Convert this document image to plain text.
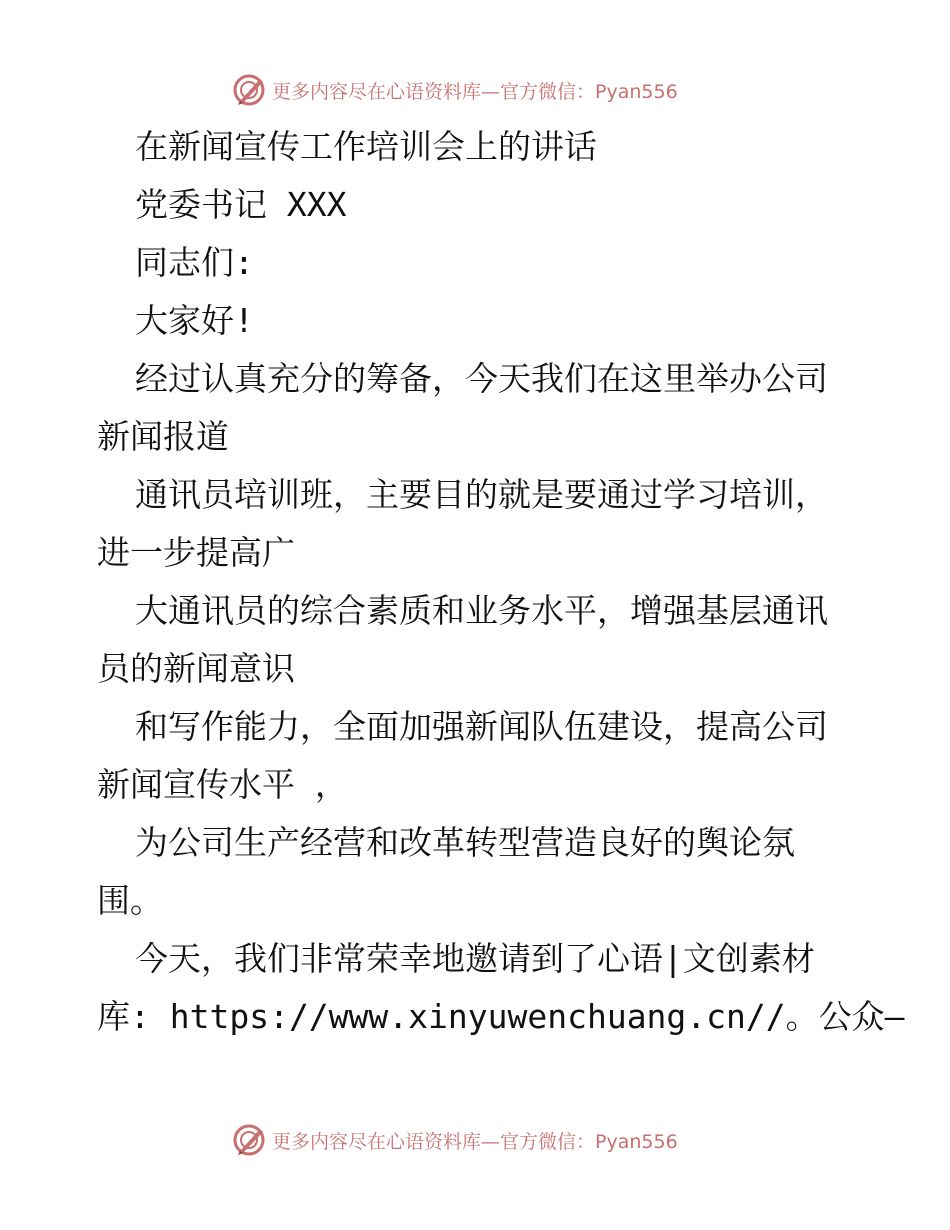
更多内容尽在心语资料库—官方微信：Pyan556

在新闻宣传工作培训会上的讲话

党委书记 XXX

同志们:

大家好!

经过认真充分的筹备，今天我们在这里举办公司

新闻报道

通讯员培训班，主要目的就是要通过学习培训，

进一步提高广

大通讯员的综合素质和业务水平，增强基层通讯

员的新闻意识

和写作能力，全面加强新闻队伍建设，提高公司

新闻宣传水平 ，

为公司生产经营和改革转型营造良好的舆论氛

围。

今天，我们非常荣幸地邀请到了心语|文创素材

库: https://www.xinyuwenchuang.cn//。公众—

更多内容尽在心语资料库—官方微信：Pyan556
